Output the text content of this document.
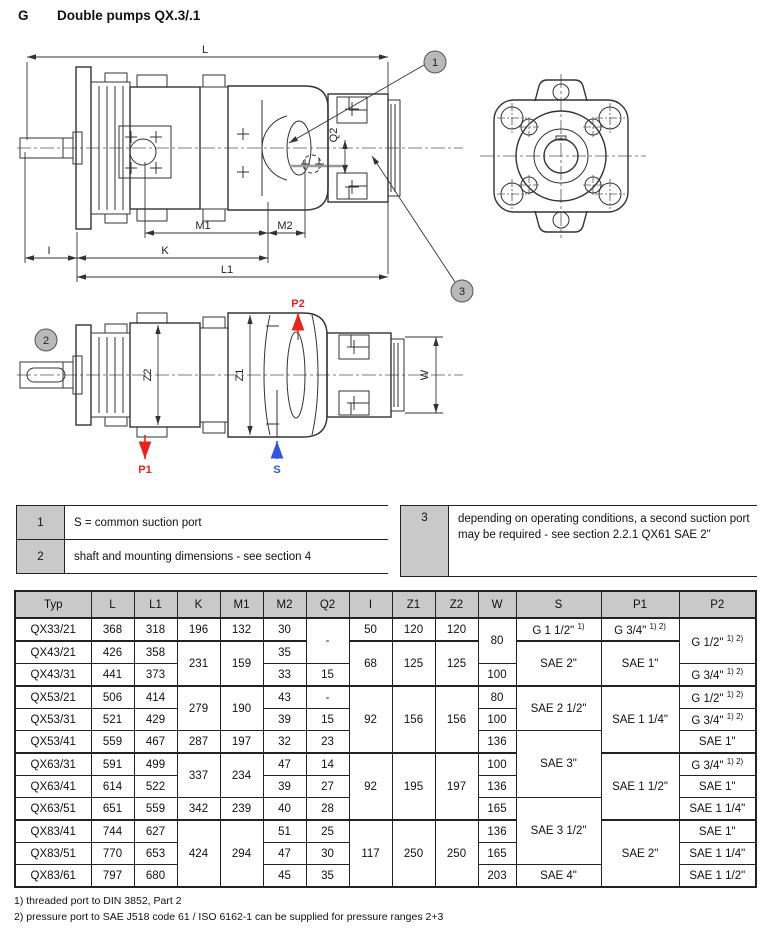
G Double pumps QX.3/.1
Q2
L
M1	M2
I	K
L1
1
3
2
Z2	Z1	W
P2
P1	S
1	S = common suction port
2	shaft and mounting dimensions - see section 4
3	depending on operating conditions, a second suction port may be required - see section 2.2.1 QX61 SAE 2"
Typ	L	L1	K	M1	M2	Q2	I	Z1	Z2	W	S	P1	P2
QX33/21	368	318	196	132	30	-	50	120	120	80	G 1 1/2" $^{1)}$	G 3/4" $^{1) 2)}$	G 1/2" $^{1) 2)}$
QX43/21	426	358	231	159	35		68	125	125		SAE 2"	SAE 1"	
QX43/31	441	373			33	15				100			G 3/4" $^{1) 2)}$
QX53/21	506	414	279	190	43	-	92	156	156	80	SAE 2 1/2"	SAE 1 1/4"	G 1/2" $^{1) 2)}$
QX53/31	521	429			39	15				100			G 3/4" $^{1) 2)}$
QX53/41	559	467	287	197	32	23				136	SAE 3"		SAE 1"
QX63/31	591	499	337	234	47	14	92	195	197	100		SAE 1 1/2"	G 3/4" $^{1) 2)}$
QX63/41	614	522			39	27				136			SAE 1"
QX63/51	651	559	342	239	40	28				165	SAE 3 1/2"		SAE 1 1/4"
QX83/41	744	627	424	294	51	25	117	250	250	136		SAE 2"	SAE 1"
QX83/51	770	653			47	30				165			SAE 1 1/4"
QX83/61	797	680			45	35				203	SAE 4"		SAE 1 1/2"
1) threaded port to DIN 3852, Part 2
2) pressure port to SAE J518 code 61 / ISO 6162-1 can be supplied for pressure ranges 2+3
